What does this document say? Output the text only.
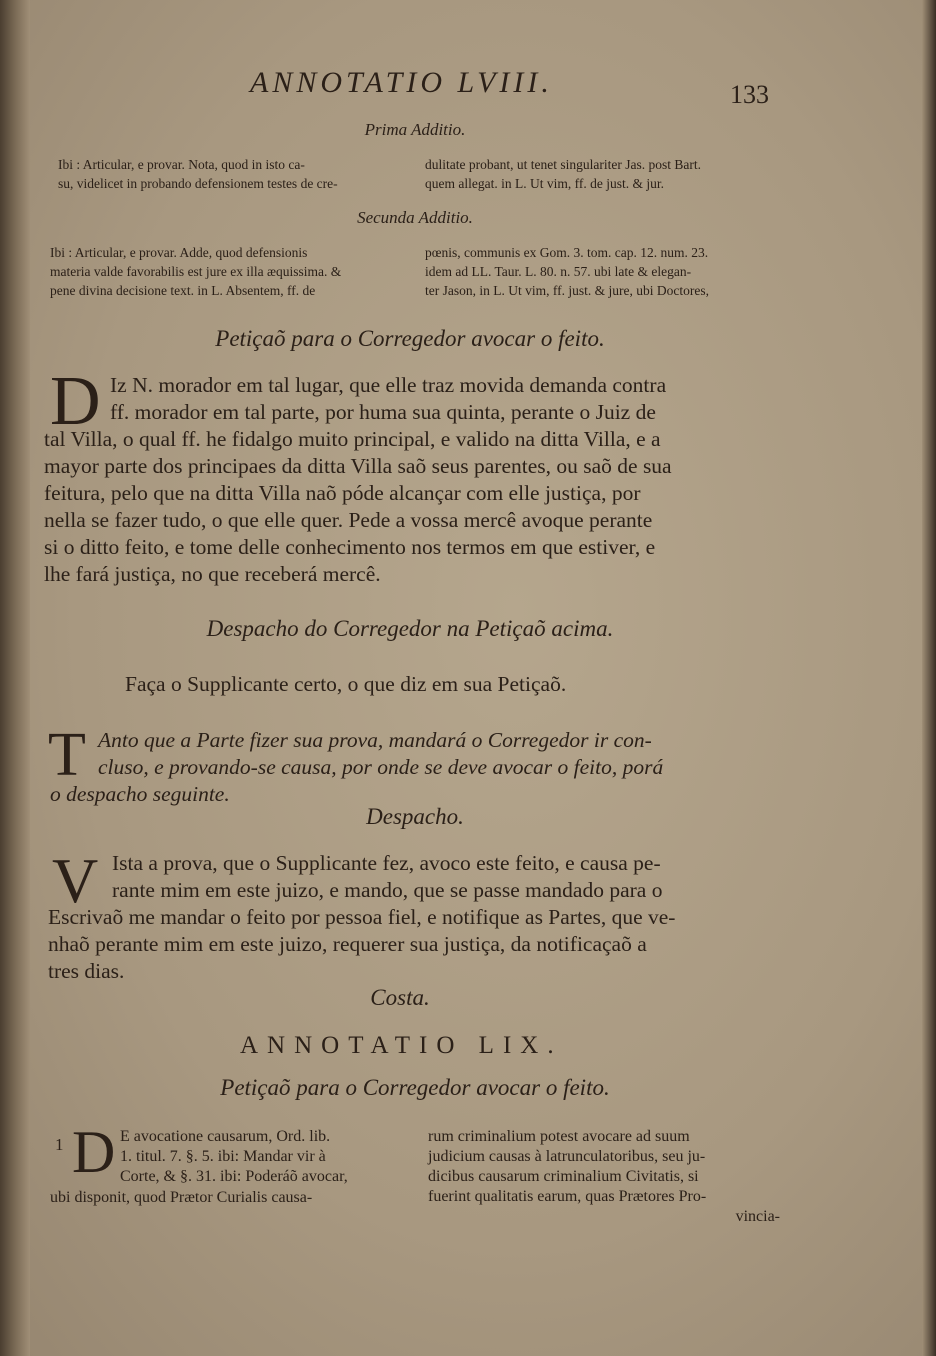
ANNOTATIO LVIII.	133
Prima Additio.
Ibi : Articular, e provar. Nota, quod in isto ca-
su, videlicet in probando defensionem testes de cre-
dulitate probant, ut tenet singulariter Jas. post Bart.
quem allegat. in L. Ut vim, ff. de just. & jur.
Secunda Additio.
Ibi : Articular, e provar. Adde, quod defensionis
materia valde favorabilis est jure ex illa æquissima. &
pene divina decisione text. in L. Absentem, ff. de
pœnis, communis ex Gom. 3. tom. cap. 12. num. 23.
idem ad LL. Taur. L. 80. n. 57. ubi late & elegan-
ter Jason, in L. Ut vim, ff. just. & jure, ubi Doctores,
Petiçaõ para o Corregedor avocar o feito.
D Iz N. morador em tal lugar, que elle traz movida demanda contra
ff. morador em tal parte, por huma sua quinta, perante o Juiz de
tal Villa, o qual ff. he fidalgo muito principal, e valido na ditta Villa, e a
mayor parte dos principaes da ditta Villa saõ seus parentes, ou saõ de sua
feitura, pelo que na ditta Villa naõ póde alcançar com elle justiça, por
nella se fazer tudo, o que elle quer. Pede a vossa mercê avoque perante
si o ditto feito, e tome delle conhecimento nos termos em que estiver, e
lhe fará justiça, no que receberá mercê.
Despacho do Corregedor na Petiçaõ acima.
Faça o Supplicante certo, o que diz em sua Petiçaõ.
T Anto que a Parte fizer sua prova, mandará o Corregedor ir con-
cluso, e provando-se causa, por onde se deve avocar o feito, porá
o despacho seguinte.
Despacho.
V Ista a prova, que o Supplicante fez, avoco este feito, e causa pe-
rante mim em este juizo, e mando, que se passe mandado para o
Escrivaõ me mandar o feito por pessoa fiel, e notifique as Partes, que ve-
nhaõ perante mim em este juizo, requerer sua justiça, da notificaçaõ a
tres dias.
Costa.
ANNOTATIO LIX.
Petiçaõ para o Corregedor avocar o feito.
1 D E avocatione causarum, Ord. lib.
1. titul. 7. §. 5. ibi: Mandar vir à
Corte, & §. 31. ibi: Poderáõ avocar,
ubi disponit, quod Prætor Curialis causa-
rum criminalium potest avocare ad suum
judicium causas à latrunculatoribus, seu ju-
dicibus causarum criminalium Civitatis, si
fuerint qualitatis earum, quas Prætores Pro-
vincia-
